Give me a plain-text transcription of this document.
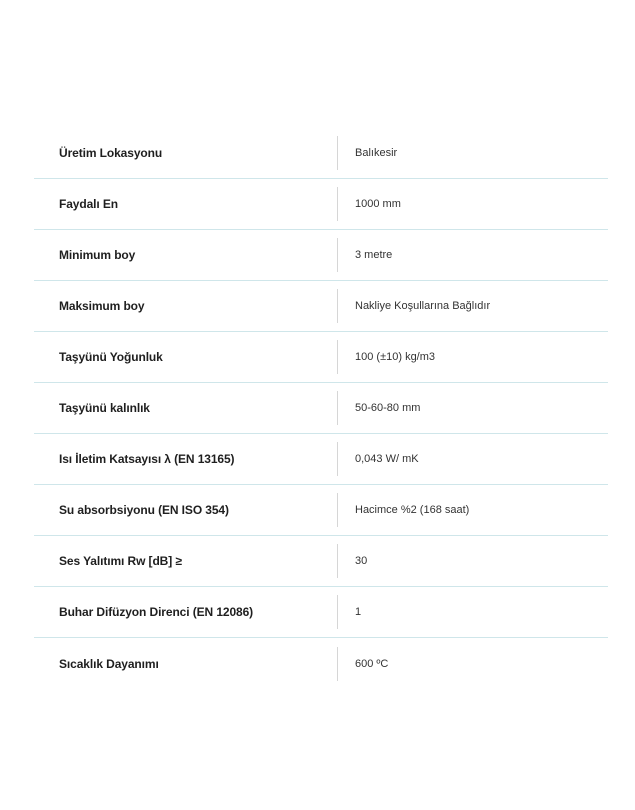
Üretim Lokasyonu	Balıkesir
Faydalı En	1000 mm
Minimum boy	3 metre
Maksimum boy	Nakliye Koşullarına Bağlıdır
Taşyünü Yoğunluk	100 (±10) kg/m3
Taşyünü kalınlık	50-60-80 mm
Isı İletim Katsayısı λ (EN 13165)	0,043 W/ mK
Su absorbsiyonu (EN ISO 354)	Hacimce %2 (168 saat)
Ses Yalıtımı Rw [dB] ≥	30
Buhar Difüzyon Direnci (EN 12086)	1
Sıcaklık Dayanımı	600 ºC
